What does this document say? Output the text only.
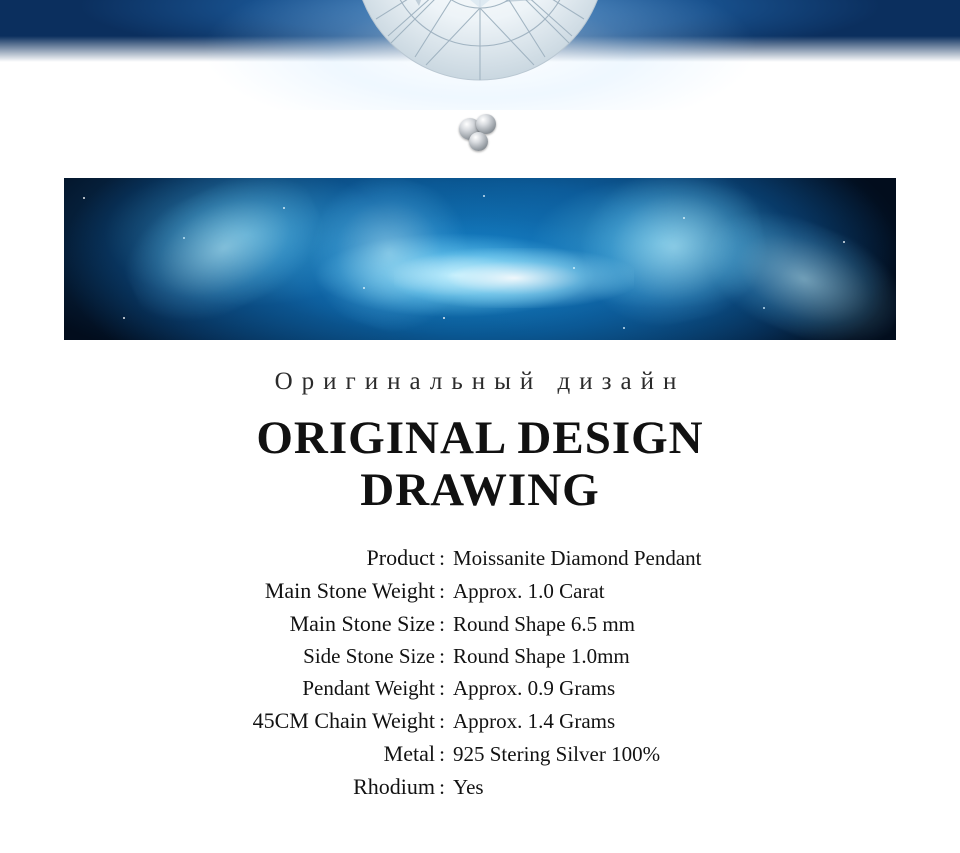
Оригинальный дизайн
ORIGINAL DESIGN
DRAWING
Product : Moissanite Diamond Pendant
Main Stone Weight : Approx. 1.0 Carat
Main Stone Size : Round Shape 6.5 mm
Side Stone Size : Round Shape 1.0mm
Pendant Weight : Approx. 0.9 Grams
45CM Chain Weight : Approx. 1.4 Grams
Metal : 925 Stering Silver 100%
Rhodium : Yes
